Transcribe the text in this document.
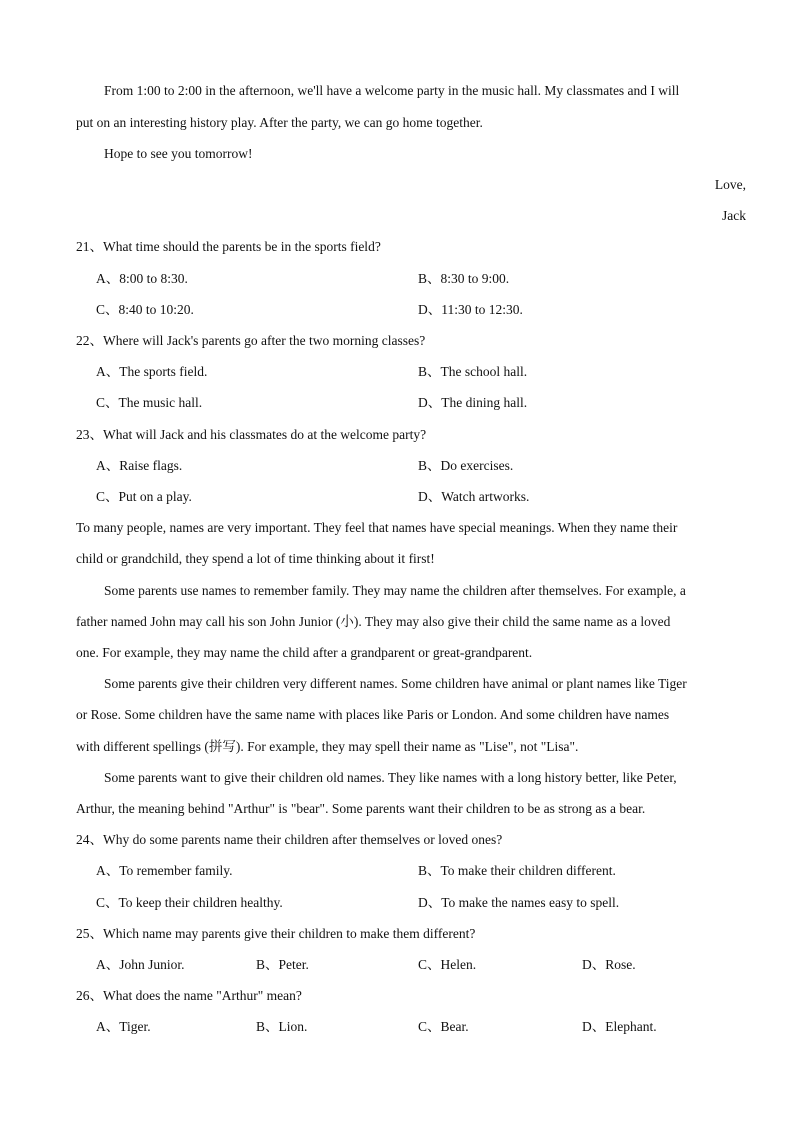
From 1:00 to 2:00 in the afternoon, we'll have a welcome party in the music hall. My classmates and I will
put on an interesting history play. After the party, we can go home together.
Hope to see you tomorrow!
Love,
Jack
21、What time should the parents be in the sports field?
A、8:00 to 8:30.	B、8:30 to 9:00.
C、8:40 to 10:20.	D、11:30 to 12:30.
22、Where will Jack's parents go after the two morning classes?
A、The sports field.	B、The school hall.
C、The music hall.	D、The dining hall.
23、What will Jack and his classmates do at the welcome party?
A、Raise flags.	B、Do exercises.
C、Put on a play.	D、Watch artworks.
To many people, names are very important. They feel that names have special meanings. When they name their
child or grandchild, they spend a lot of time thinking about it first!
Some parents use names to remember family. They may name the children after themselves. For example, a
father named John may call his son John Junior (小). They may also give their child the same name as a loved
one. For example, they may name the child after a grandparent or great-grandparent.
Some parents give their children very different names. Some children have animal or plant names like Tiger
or Rose. Some children have the same name with places like Paris or London. And some children have names
with different spellings (拼写). For example, they may spell their name as "Lise", not "Lisa".
Some parents want to give their children old names. They like names with a long history better, like Peter,
Arthur, the meaning behind "Arthur" is "bear". Some parents want their children to be as strong as a bear.
24、Why do some parents name their children after themselves or loved ones?
A、To remember family.	B、To make their children different.
C、To keep their children healthy.	D、To make the names easy to spell.
25、Which name may parents give their children to make them different?
A、John Junior.	B、Peter.	C、Helen.	D、Rose.
26、What does the name "Arthur" mean?
A、Tiger.	B、Lion.	C、Bear.	D、Elephant.
